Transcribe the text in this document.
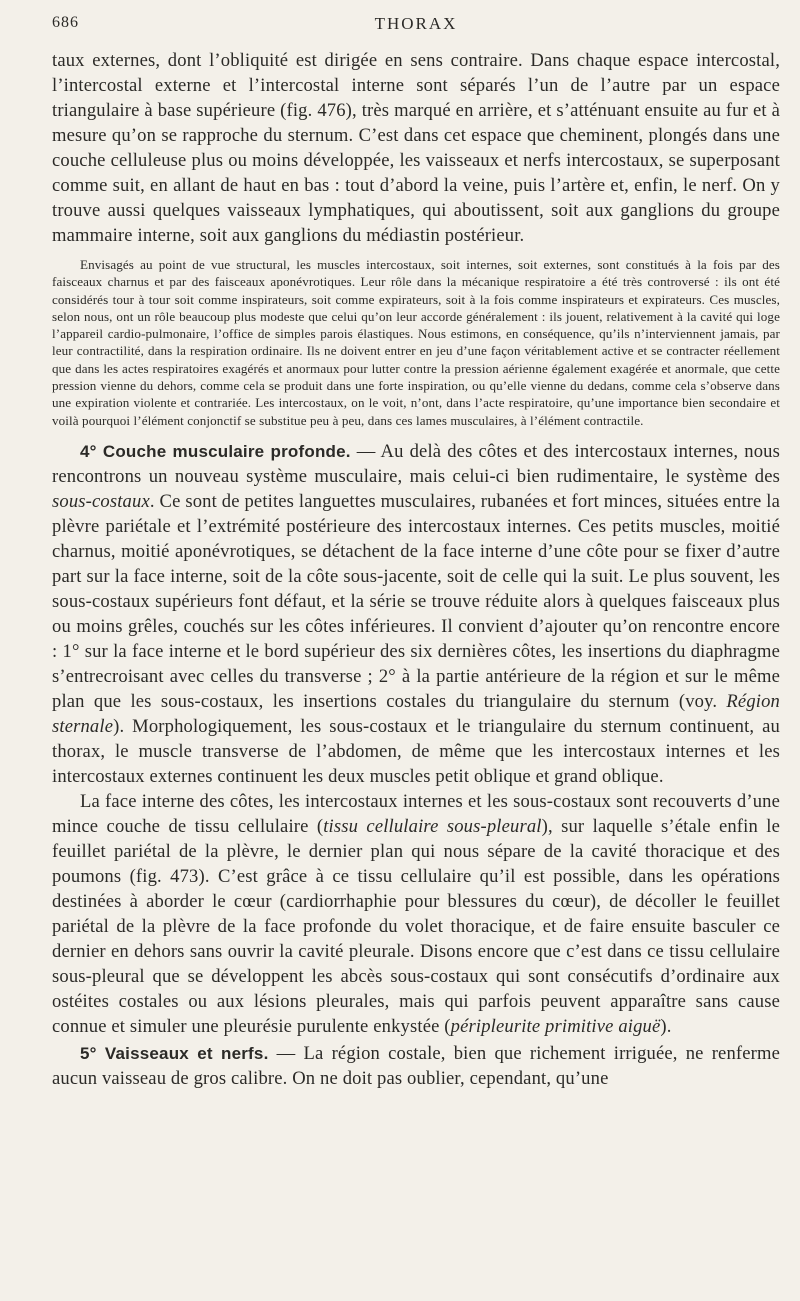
686	THORAX

taux externes, dont l’obliquité est dirigée en sens contraire. Dans chaque espace intercostal, l’intercostal externe et l’intercostal interne sont séparés l’un de l’autre par un espace triangulaire à base supérieure (fig. 476), très marqué en arrière, et s’atténuant ensuite au fur et à mesure qu’on se rapproche du sternum. C’est dans cet espace que cheminent, plongés dans une couche celluleuse plus ou moins développée, les vaisseaux et nerfs intercostaux, se superposant comme suit, en allant de haut en bas : tout d’abord la veine, puis l’artère et, enfin, le nerf. On y trouve aussi quelques vaisseaux lymphatiques, qui aboutissent, soit aux ganglions du groupe mammaire interne, soit aux ganglions du médiastin postérieur.

Envisagés au point de vue structural, les muscles intercostaux, soit internes, soit externes, sont constitués à la fois par des faisceaux charnus et par des faisceaux aponévrotiques. Leur rôle dans la mécanique respiratoire a été très controversé : ils ont été considérés tour à tour soit comme inspirateurs, soit comme expirateurs, soit à la fois comme inspirateurs et expirateurs. Ces muscles, selon nous, ont un rôle beaucoup plus modeste que celui qu’on leur accorde généralement : ils jouent, relativement à la cavité qui loge l’appareil cardio-pulmonaire, l’office de simples parois élastiques. Nous estimons, en conséquence, qu’ils n’interviennent jamais, par leur contractilité, dans la respiration ordinaire. Ils ne doivent entrer en jeu d’une façon véritablement active et se contracter réellement que dans les actes respiratoires exagérés et anormaux pour lutter contre la pression aérienne également exagérée et anormale, que cette pression vienne du dehors, comme cela se produit dans une forte inspiration, ou qu’elle vienne du dedans, comme cela s’observe dans une expiration violente et contrariée. Les intercostaux, on le voit, n’ont, dans l’acte respiratoire, qu’une importance bien secondaire et voilà pourquoi l’élément conjonctif se substitue peu à peu, dans ces lames musculaires, à l’élément contractile.

4° Couche musculaire profonde. — Au delà des côtes et des intercostaux internes, nous rencontrons un nouveau système musculaire, mais celui-ci bien rudimentaire, le système des sous-costaux. Ce sont de petites languettes musculaires, rubanées et fort minces, situées entre la plèvre pariétale et l’extrémité postérieure des intercostaux internes. Ces petits muscles, moitié charnus, moitié aponévrotiques, se détachent de la face interne d’une côte pour se fixer d’autre part sur la face interne, soit de la côte sous-jacente, soit de celle qui la suit. Le plus souvent, les sous-costaux supérieurs font défaut, et la série se trouve réduite alors à quelques faisceaux plus ou moins grêles, couchés sur les côtes inférieures. Il convient d’ajouter qu’on rencontre encore : 1° sur la face interne et le bord supérieur des six dernières côtes, les insertions du diaphragme s’entrecroisant avec celles du transverse ; 2° à la partie antérieure de la région et sur le même plan que les sous-costaux, les insertions costales du triangulaire du sternum (voy. Région sternale). Morphologiquement, les sous-costaux et le triangulaire du sternum continuent, au thorax, le muscle transverse de l’abdomen, de même que les intercostaux internes et les intercostaux externes continuent les deux muscles petit oblique et grand oblique.

La face interne des côtes, les intercostaux internes et les sous-costaux sont recouverts d’une mince couche de tissu cellulaire (tissu cellulaire sous-pleural), sur laquelle s’étale enfin le feuillet pariétal de la plèvre, le dernier plan qui nous sépare de la cavité thoracique et des poumons (fig. 473). C’est grâce à ce tissu cellulaire qu’il est possible, dans les opérations destinées à aborder le cœur (cardiorrhaphie pour blessures du cœur), de décoller le feuillet pariétal de la plèvre de la face profonde du volet thoracique, et de faire ensuite basculer ce dernier en dehors sans ouvrir la cavité pleurale. Disons encore que c’est dans ce tissu cellulaire sous-pleural que se développent les abcès sous-costaux qui sont consécutifs d’ordinaire aux ostéites costales ou aux lésions pleurales, mais qui parfois peuvent apparaître sans cause connue et simuler une pleurésie purulente enkystée (péripleurite primitive aiguë).

5° Vaisseaux et nerfs. — La région costale, bien que richement irriguée, ne renferme aucun vaisseau de gros calibre. On ne doit pas oublier, cependant, qu’une
